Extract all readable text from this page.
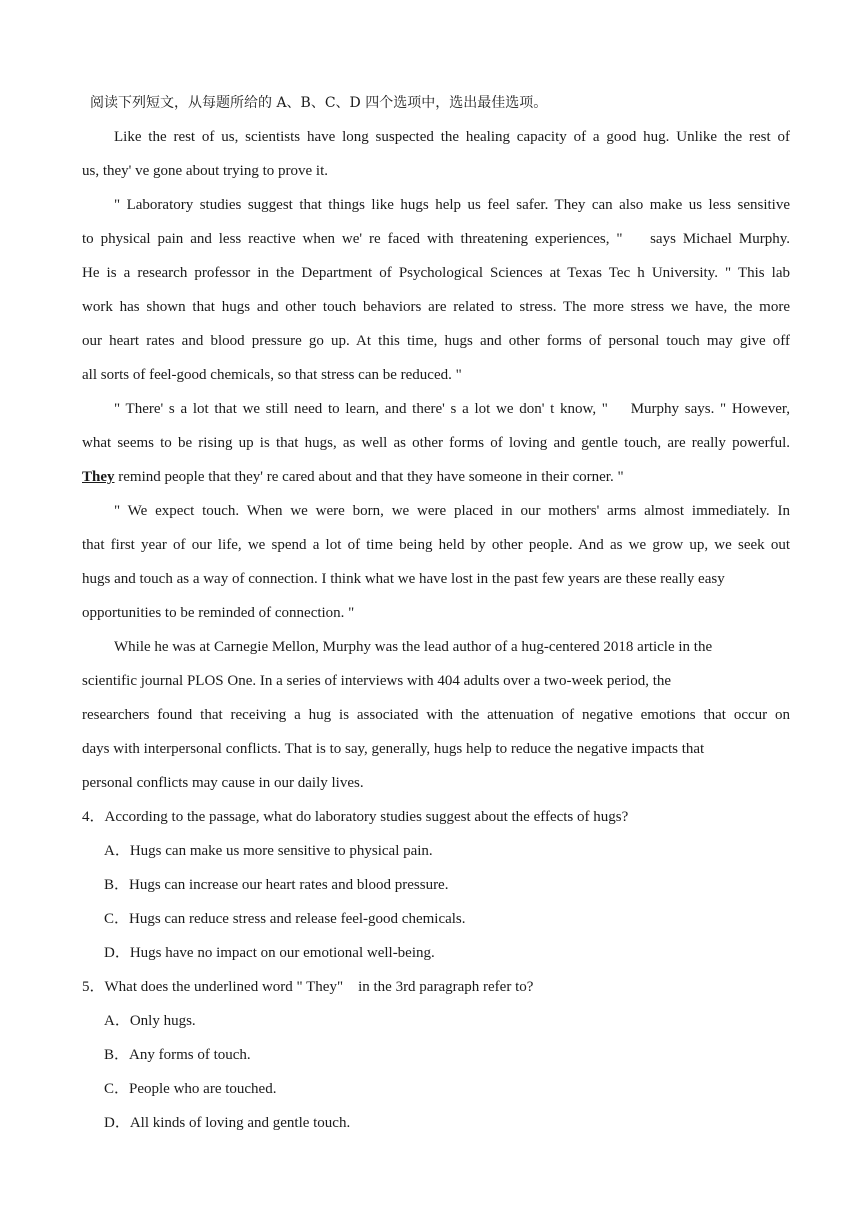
阅读下列短文，从每题所给的 A、B、C、D 四个选项中，选出最佳选项。
Like the rest of us, scientists have long suspected the healing capacity of a good hug. Unlike the rest of
us, they' ve gone about trying to prove it.
" Laboratory studies suggest that things like hugs help us feel safer. They can also make us less sensitive
to physical pain and less reactive when we' re faced with threatening experiences, "    says Michael Murphy.
He is a research professor in the Department of Psychological Sciences at Texas Tec h University. " This lab
work has shown that hugs and other touch behaviors are related to stress. The more stress we have, the more
our heart rates and blood pressure go up. At this time, hugs and other forms of personal touch may give off
all sorts of feel-good chemicals, so that stress can be reduced. "
" There' s a lot that we still need to learn, and there' s a lot we don' t know, "    Murphy says. " However,
what seems to be rising up is that hugs, as well as other forms of loving and gentle touch, are really powerful.
They remind people that they' re cared about and that they have someone in their corner. "
" We expect touch. When we were born, we were placed in our mothers' arms almost immediately. In
that first year of our life, we spend a lot of time being held by other people. And as we grow up, we seek out
hugs and touch as a way of connection. I think what we have lost in the past few years are these really easy
opportunities to be reminded of connection. "
While he was at Carnegie Mellon, Murphy was the lead author of a hug-centered 2018 article in the
scientific journal PLOS One. In a series of interviews with 404 adults over a two-week period, the
researchers found that receiving a hug is associated with the attenuation of negative emotions that occur on
days with interpersonal conflicts. That is to say, generally, hugs help to reduce the negative impacts that
personal conflicts may cause in our daily lives.
4．According to the passage, what do laboratory studies suggest about the effects of hugs?
A．Hugs can make us more sensitive to physical pain.
B．Hugs can increase our heart rates and blood pressure.
C．Hugs can reduce stress and release feel-good chemicals.
D．Hugs have no impact on our emotional well-being.
5．What does the underlined word " They"    in the 3rd paragraph refer to?
A．Only hugs.
B．Any forms of touch.
C．People who are touched.
D．All kinds of loving and gentle touch.
